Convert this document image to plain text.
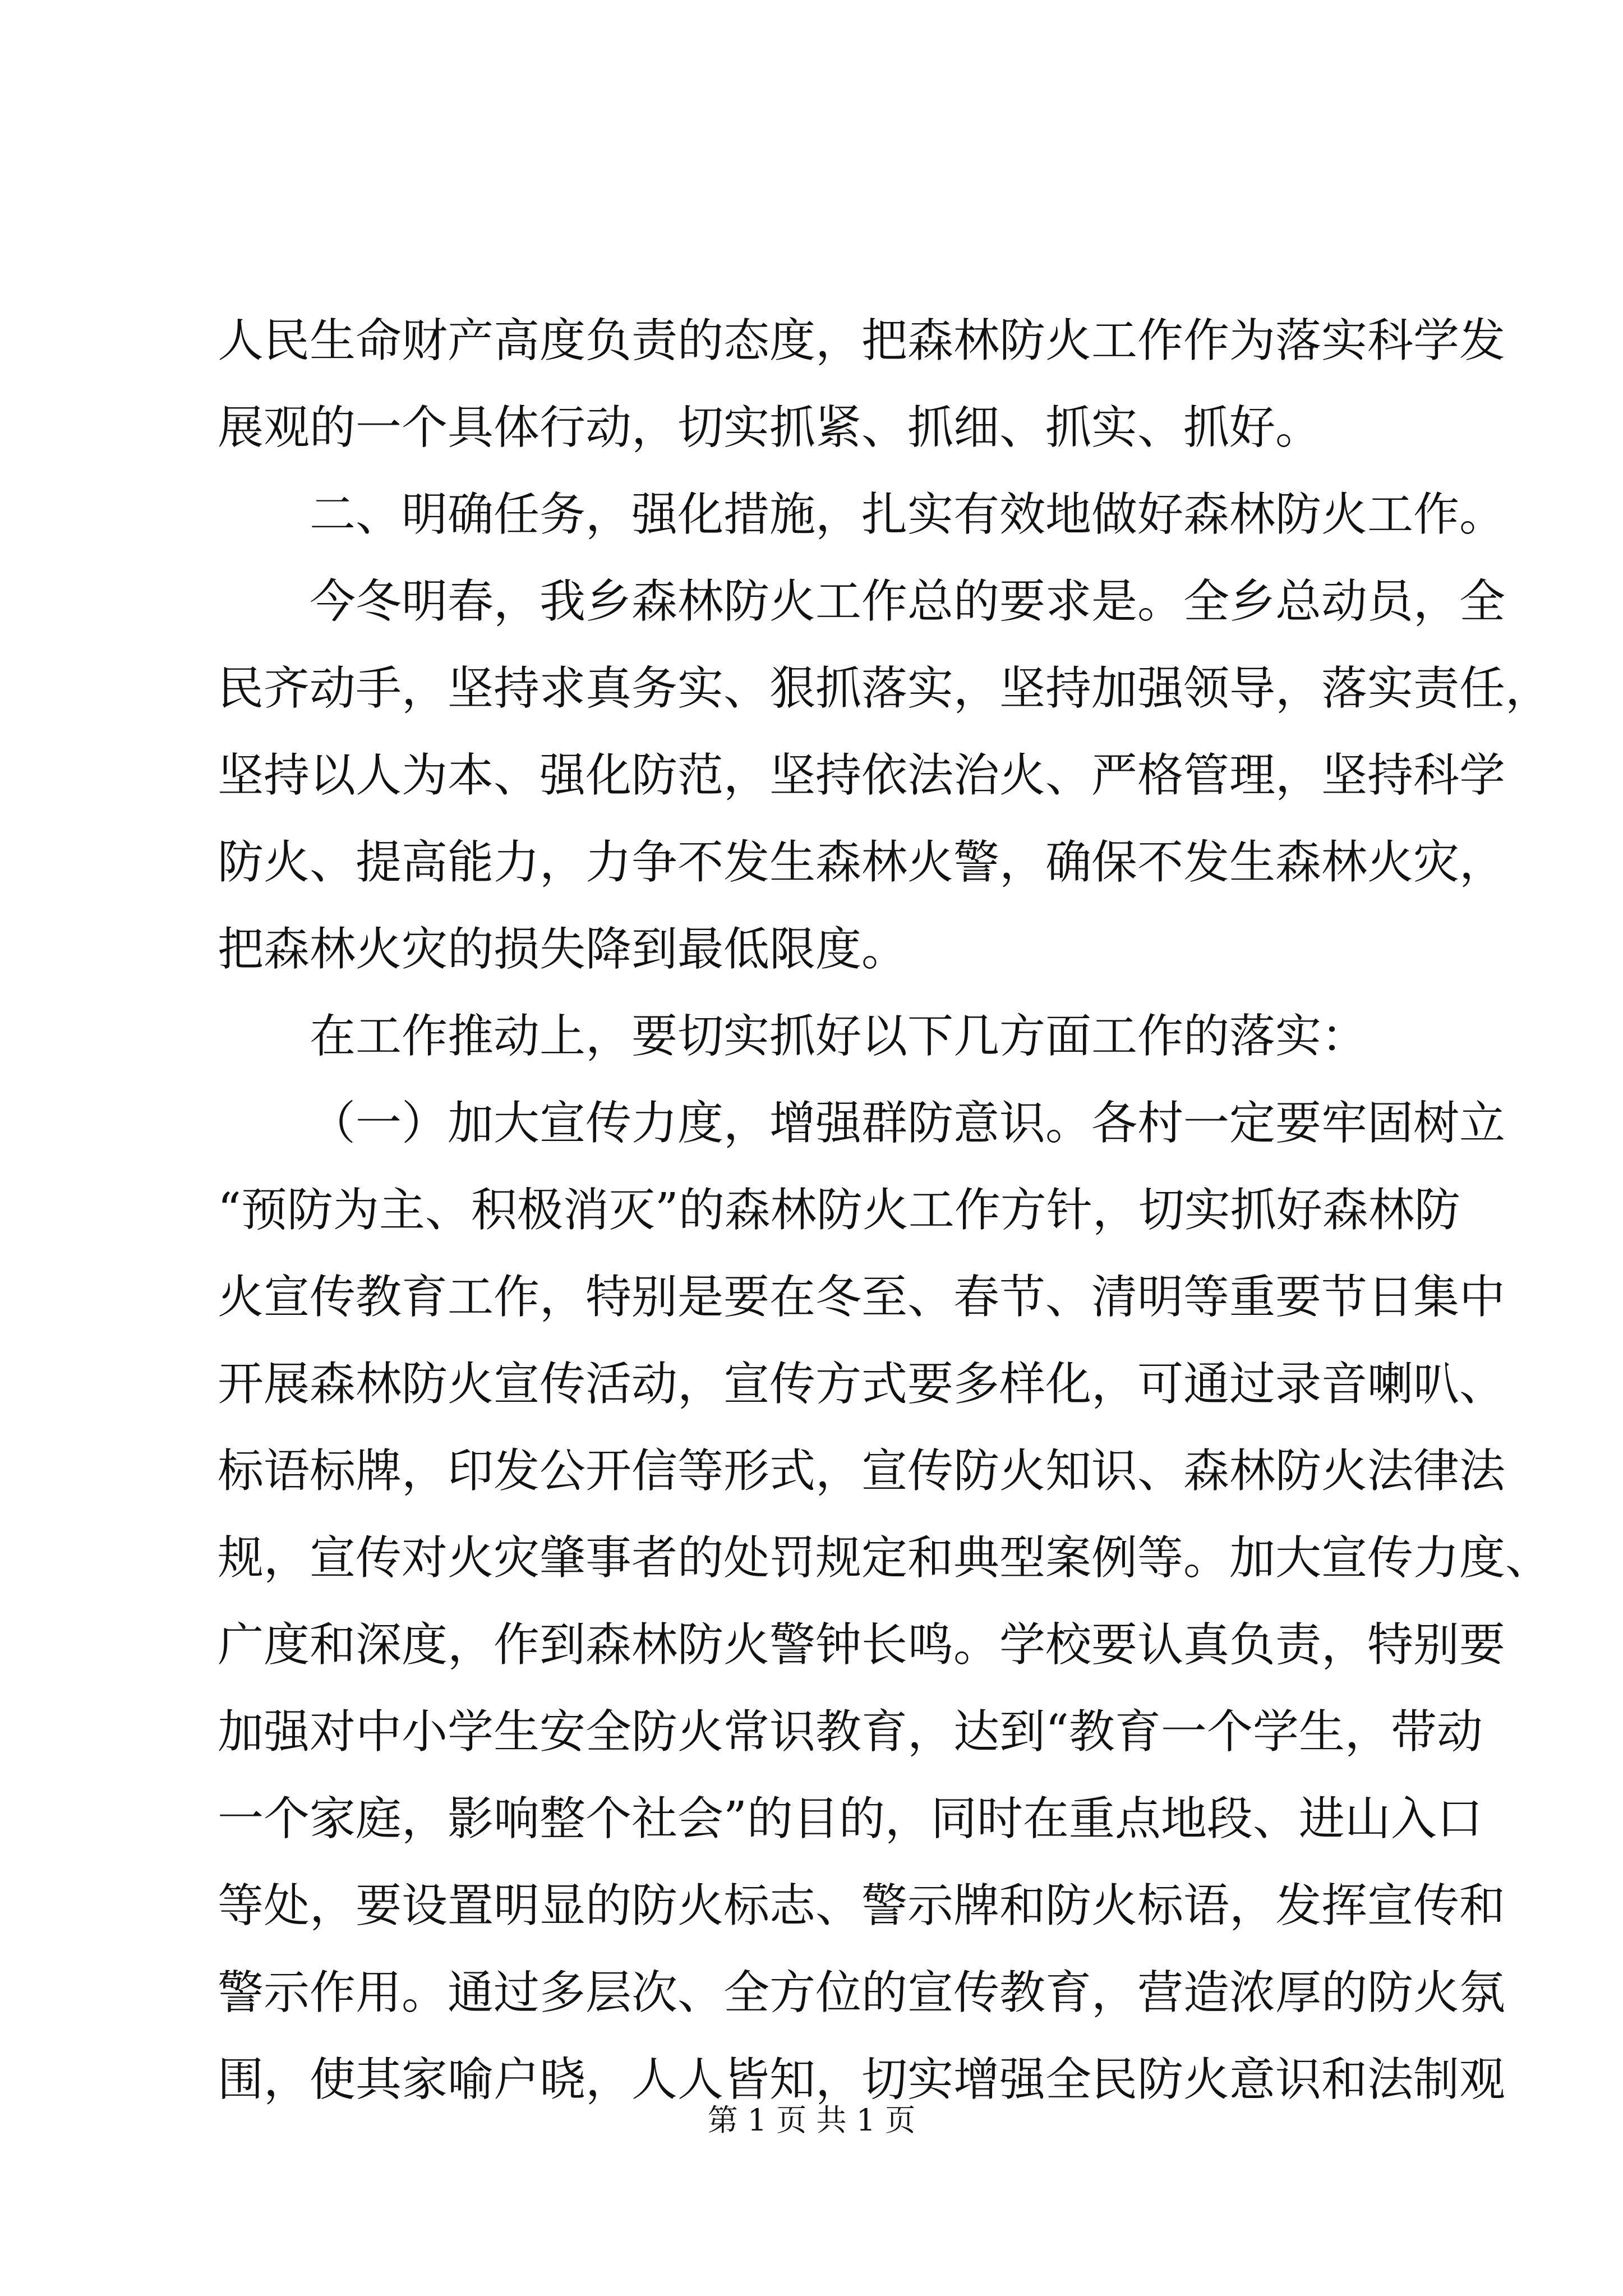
人民生命财产高度负责的态度，把森林防火工作作为落实科学发
展观的一个具体行动，切实抓紧、抓细、抓实、抓好。
二、明确任务，强化措施，扎实有效地做好森林防火工作。
今冬明春，我乡森林防火工作总的要求是。全乡总动员，全
民齐动手，坚持求真务实、狠抓落实，坚持加强领导，落实责任，
坚持以人为本、强化防范，坚持依法治火、严格管理，坚持科学
防火、提高能力，力争不发生森林火警，确保不发生森林火灾，
把森林火灾的损失降到最低限度。
在工作推动上，要切实抓好以下几方面工作的落实：
（一）加大宣传力度，增强群防意识。各村一定要牢固树立
“预防为主、积极消灭”的森林防火工作方针，切实抓好森林防
火宣传教育工作，特别是要在冬至、春节、清明等重要节日集中
开展森林防火宣传活动，宣传方式要多样化，可通过录音喇叭、
标语标牌，印发公开信等形式，宣传防火知识、森林防火法律法
规，宣传对火灾肇事者的处罚规定和典型案例等。加大宣传力度、
广度和深度，作到森林防火警钟长鸣。学校要认真负责，特别要
加强对中小学生安全防火常识教育，达到“教育一个学生，带动
一个家庭，影响整个社会”的目的，同时在重点地段、进山入口
等处，要设置明显的防火标志、警示牌和防火标语，发挥宣传和
警示作用。通过多层次、全方位的宣传教育，营造浓厚的防火氛
围，使其家喻户晓，人人皆知，切实增强全民防火意识和法制观
第 1 页 共 1 页
